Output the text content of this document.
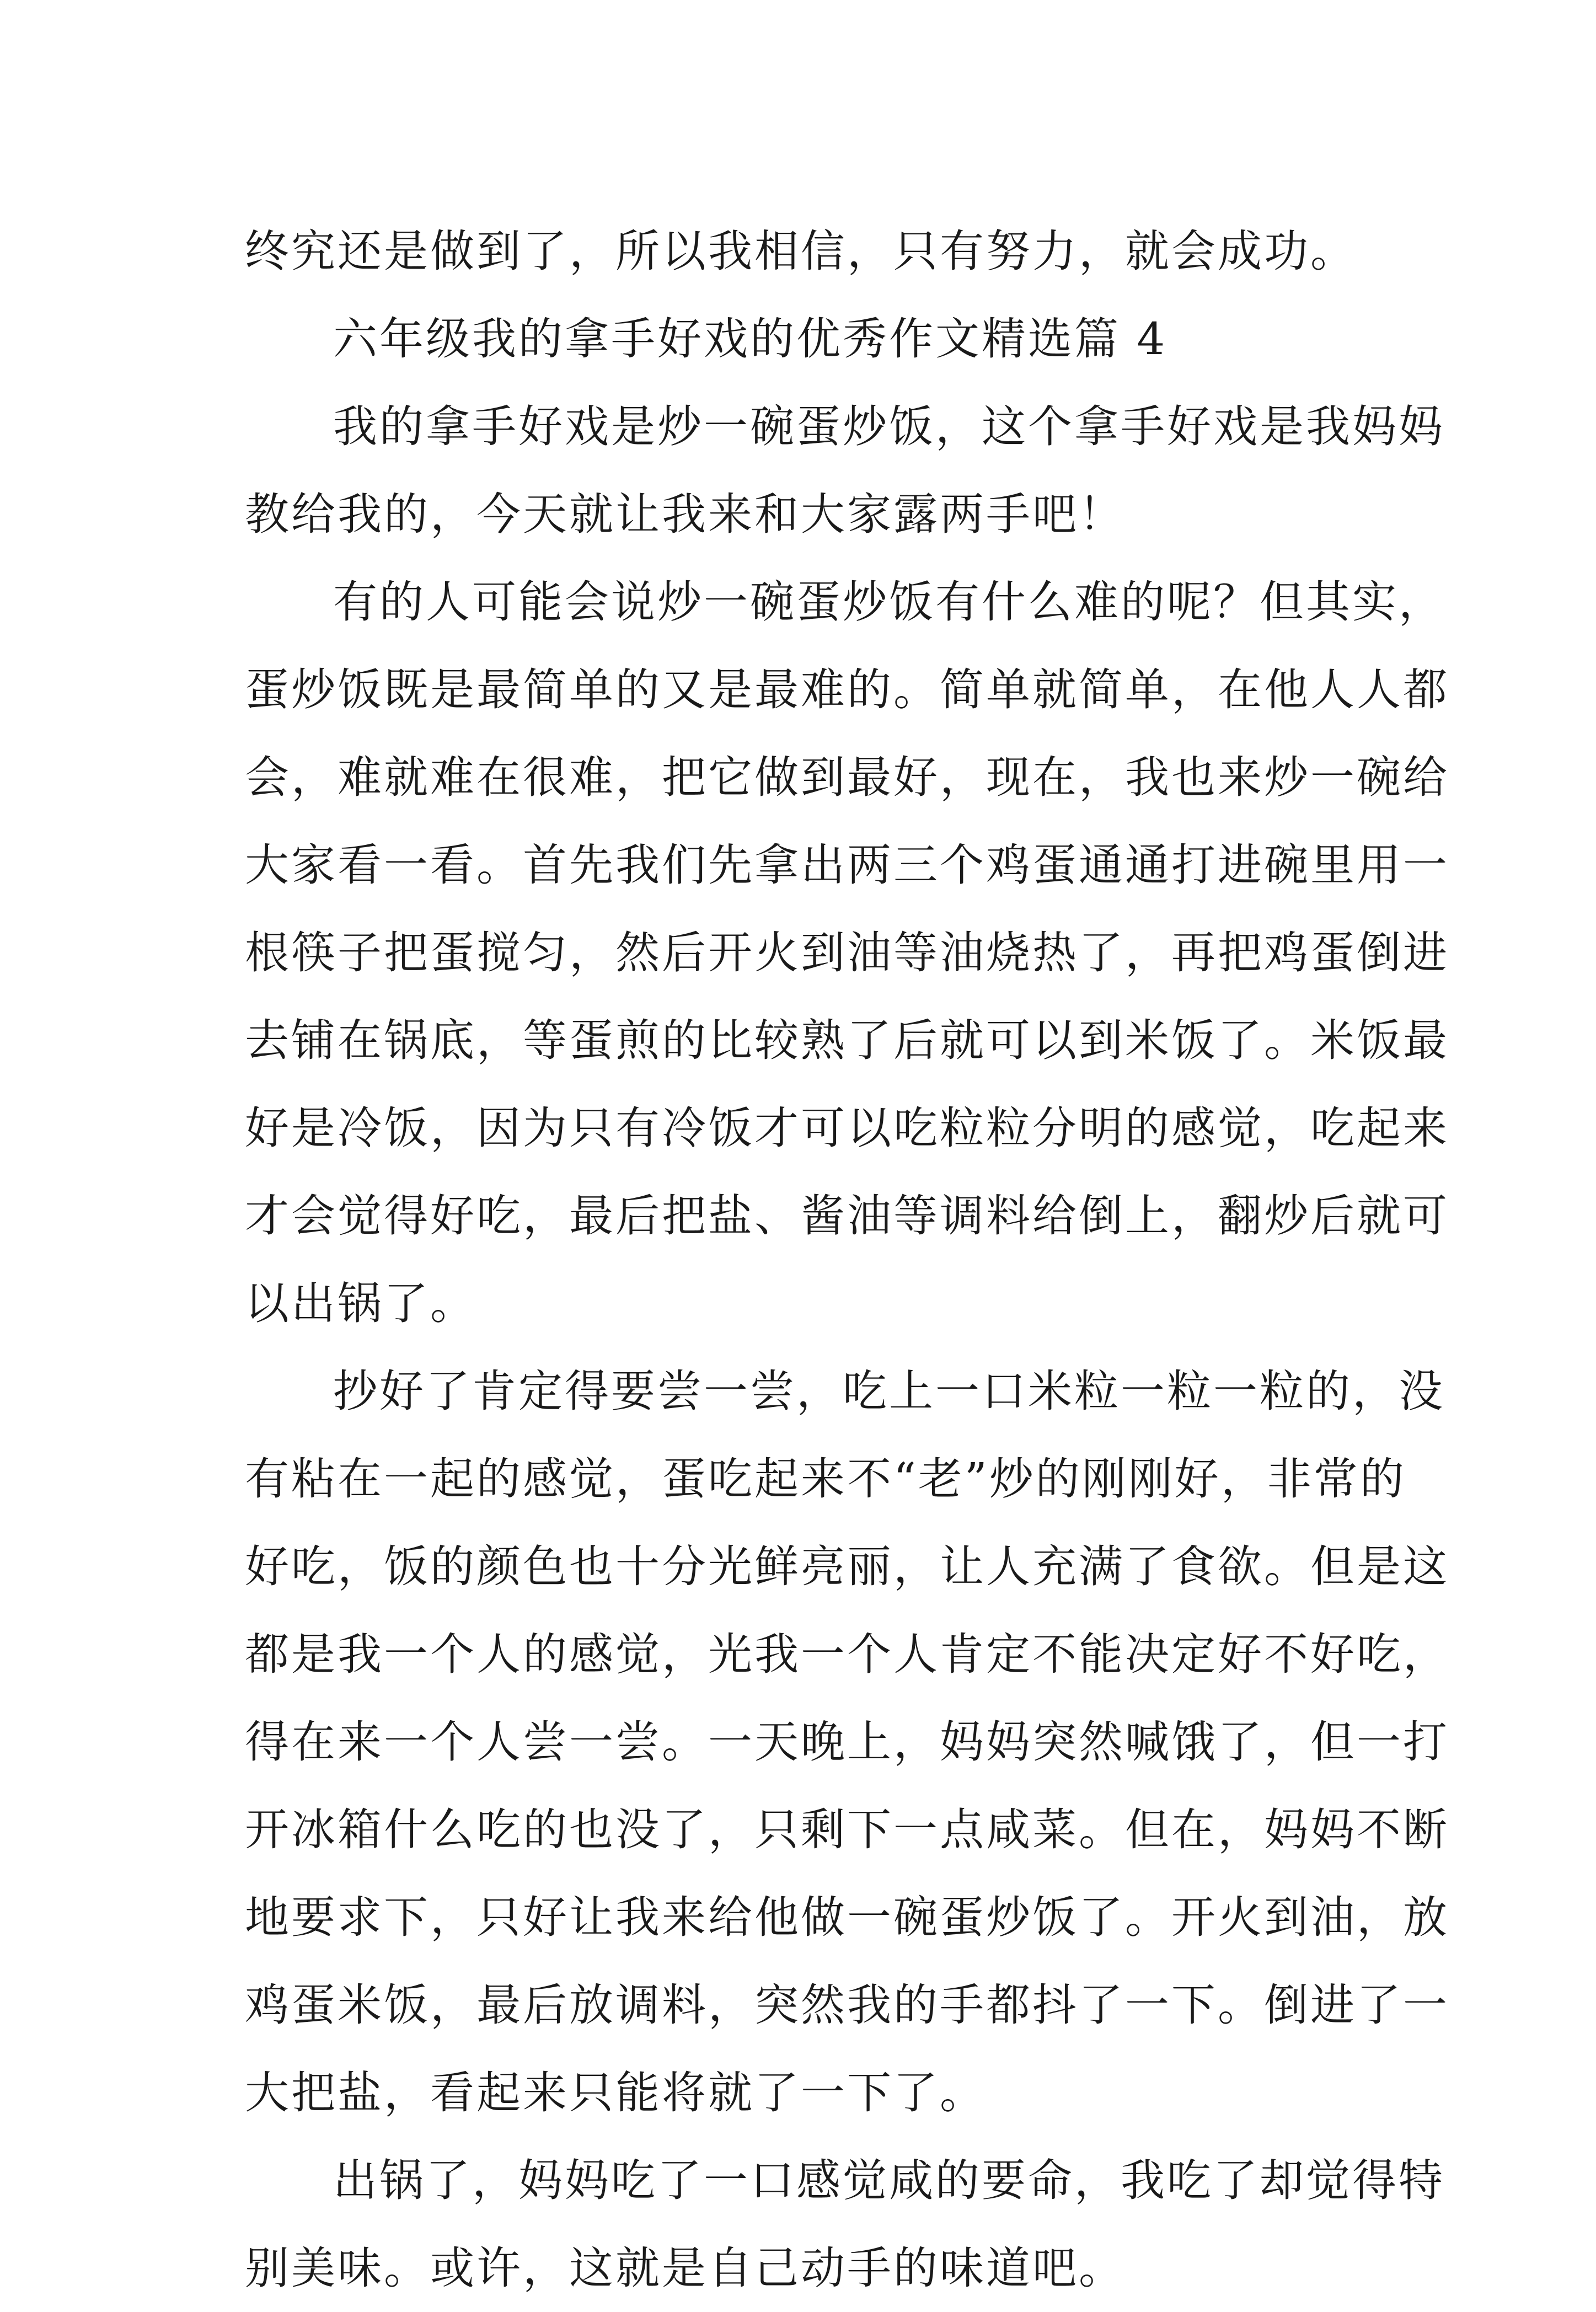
终究还是做到了，所以我相信，只有努力，就会成功。
六年级我的拿手好戏的优秀作文精选篇 4
我的拿手好戏是炒一碗蛋炒饭，这个拿手好戏是我妈妈
教给我的，今天就让我来和大家露两手吧！
有的人可能会说炒一碗蛋炒饭有什么难的呢？但其实，
蛋炒饭既是最简单的又是最难的。简单就简单，在他人人都
会，难就难在很难，把它做到最好，现在，我也来炒一碗给
大家看一看。首先我们先拿出两三个鸡蛋通通打进碗里用一
根筷子把蛋搅匀，然后开火到油等油烧热了，再把鸡蛋倒进
去铺在锅底，等蛋煎的比较熟了后就可以到米饭了。米饭最
好是冷饭，因为只有冷饭才可以吃粒粒分明的感觉，吃起来
才会觉得好吃，最后把盐、酱油等调料给倒上，翻炒后就可
以出锅了。
抄好了肯定得要尝一尝，吃上一口米粒一粒一粒的，没
有粘在一起的感觉，蛋吃起来不“老”炒的刚刚好，非常的
好吃，饭的颜色也十分光鲜亮丽，让人充满了食欲。但是这
都是我一个人的感觉，光我一个人肯定不能决定好不好吃，
得在来一个人尝一尝。一天晚上，妈妈突然喊饿了，但一打
开冰箱什么吃的也没了，只剩下一点咸菜。但在，妈妈不断
地要求下，只好让我来给他做一碗蛋炒饭了。开火到油，放
鸡蛋米饭，最后放调料，突然我的手都抖了一下。倒进了一
大把盐，看起来只能将就了一下了。
出锅了，妈妈吃了一口感觉咸的要命，我吃了却觉得特
别美味。或许，这就是自己动手的味道吧。
